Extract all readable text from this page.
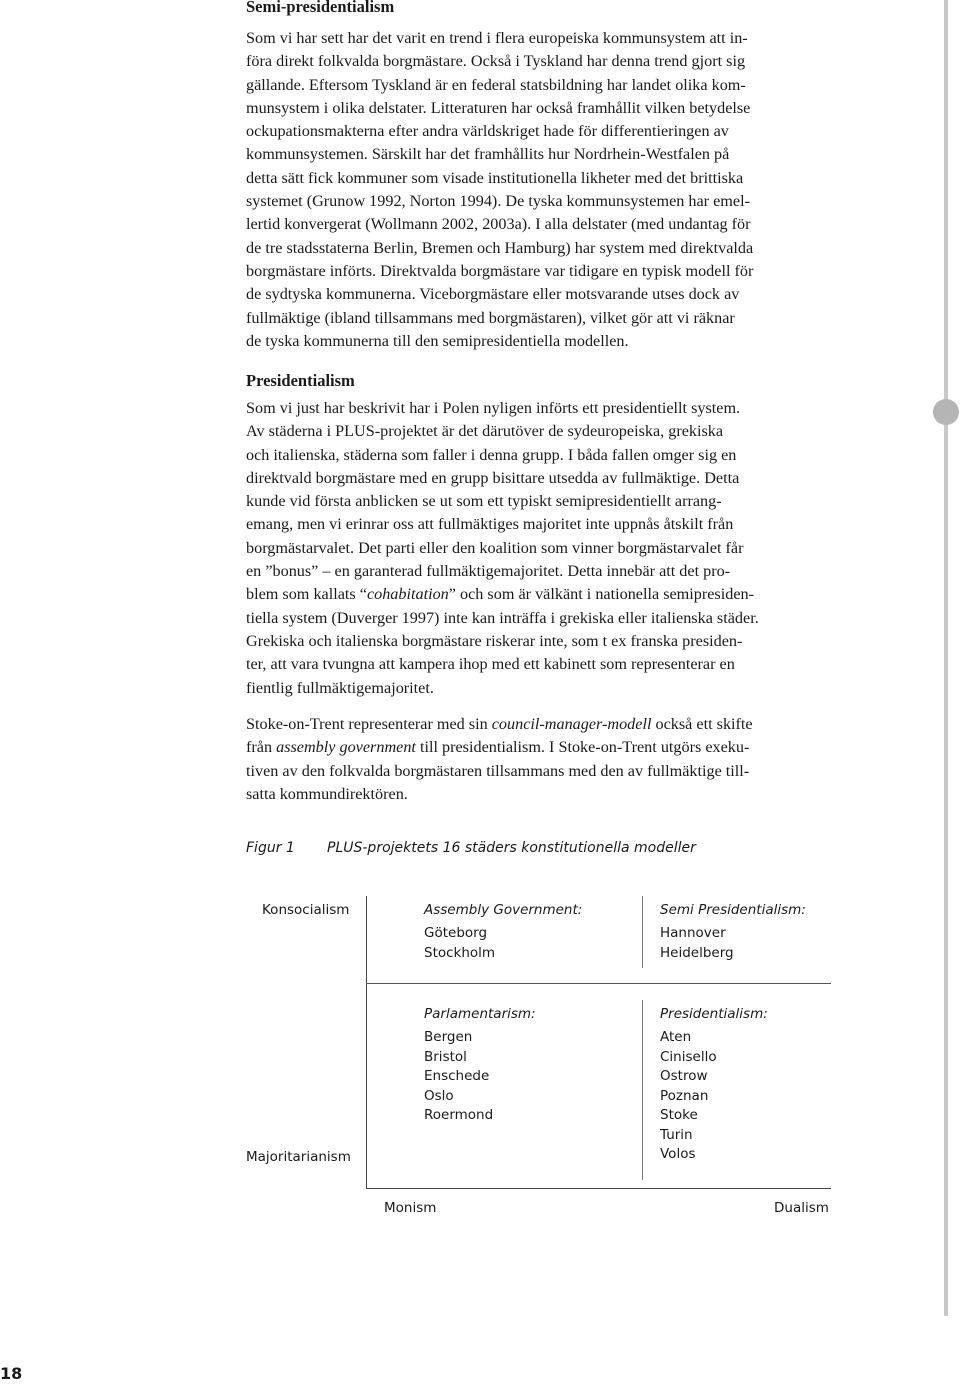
Semi-presidentialism

Som vi har sett har det varit en trend i flera europeiska kommunsystem att in-
föra direkt folkvalda borgmästare. Också i Tyskland har denna trend gjort sig
gällande. Eftersom Tyskland är en federal statsbildning har landet olika kom-
munsystem i olika delstater. Litteraturen har också framhållit vilken betydelse
ockupationsmakterna efter andra världskriget hade för differentieringen av
kommunsystemen. Särskilt har det framhållits hur Nordrhein-Westfalen på
detta sätt fick kommuner som visade institutionella likheter med det brittiska
systemet (Grunow 1992, Norton 1994). De tyska kommunsystemen har emel-
lertid konvergerat (Wollmann 2002, 2003a). I alla delstater (med undantag för
de tre stadsstaterna Berlin, Bremen och Hamburg) har system med direktvalda
borgmästare införts. Direktvalda borgmästare var tidigare en typisk modell för
de sydtyska kommunerna. Viceborgmästare eller motsvarande utses dock av
fullmäktige (ibland tillsammans med borgmästaren), vilket gör att vi räknar
de tyska kommunerna till den semipresidentiella modellen.

Presidentialism

Som vi just har beskrivit har i Polen nyligen införts ett presidentiellt system.
Av städerna i PLUS-projektet är det därutöver de sydeuropeiska, grekiska
och italienska, städerna som faller i denna grupp. I båda fallen omger sig en
direktvald borgmästare med en grupp bisittare utsedda av fullmäktige. Detta
kunde vid första anblicken se ut som ett typiskt semipresidentiellt arrang-
emang, men vi erinrar oss att fullmäktiges majoritet inte uppnås åtskilt från
borgmästarvalet. Det parti eller den koalition som vinner borgmästarvalet får
en ”bonus” – en garanterad fullmäktigemajoritet. Detta innebär att det pro-
blem som kallats “cohabitation” och som är välkänt i nationella semipresiden-
tiella system (Duverger 1997) inte kan inträffa i grekiska eller italienska städer.
Grekiska och italienska borgmästare riskerar inte, som t ex franska presiden-
ter, att vara tvungna att kampera ihop med ett kabinett som representerar en
fientlig fullmäktigemajoritet.

Stoke-on-Trent representerar med sin council-manager-modell också ett skifte
från assembly government till presidentialism. I Stoke-on-Trent utgörs exeku-
tiven av den folkvalda borgmästaren tillsammans med den av fullmäktige till-
satta kommundirektören.

Figur 1 PLUS-projektets 16 städers konstitutionella modeller
Konsocialism
Majoritarianism
Monism	Dualism
Assembly Government:
Göteborg
Stockholm
Semi Presidentialism:
Hannover
Heidelberg
Parlamentarism:
Bergen
Bristol
Enschede
Oslo
Roermond
Presidentialism:
Aten
Cinisello
Ostrow
Poznan
Stoke
Turin
Volos
18
